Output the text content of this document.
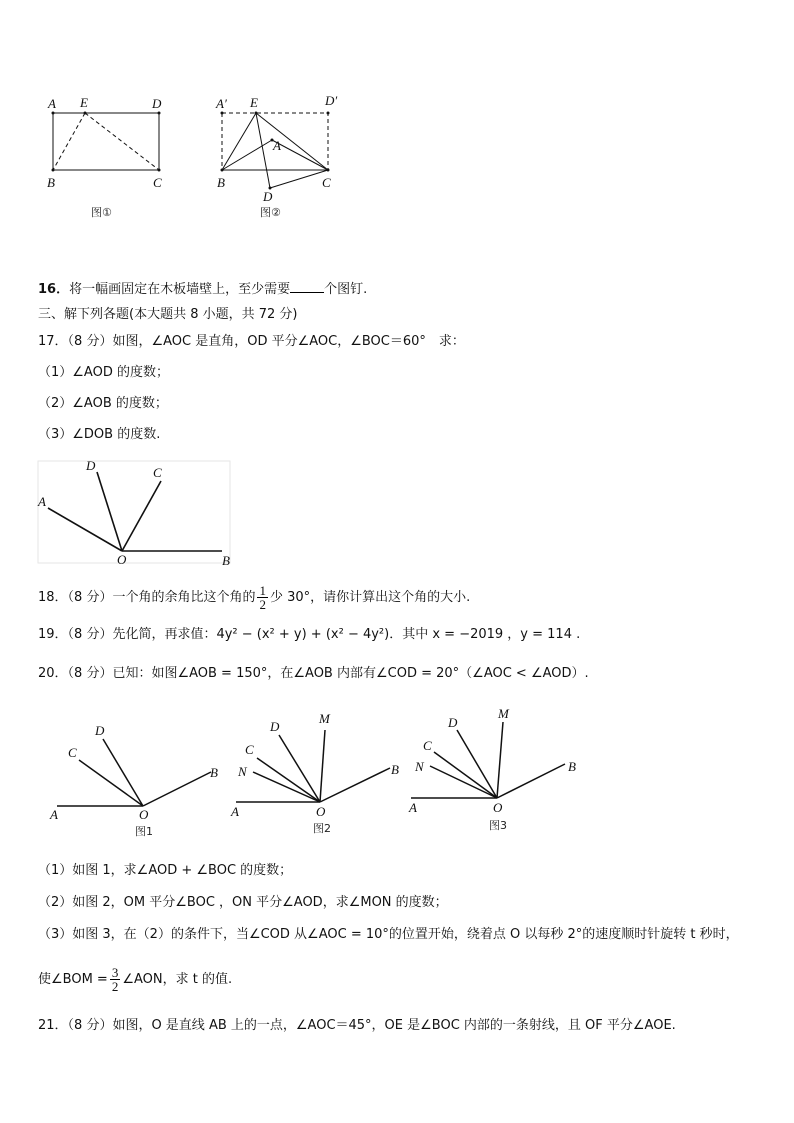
A E	D
B	C
图①
A′ E	D′
A
B	C
D
图②
16．将一幅画固定在木板墙壁上，至少需要	个图钉.
三、解下列各题(本大题共 8 小题，共 72 分)
17．（8 分）如图，∠AOC 是直角，OD 平分∠AOC，∠BOC＝60°　求：
（1）∠AOD 的度数；
（2）∠AOB 的度数；
（3）∠DOB 的度数.
A
D	C
O	B
18．（8 分）一个角的余角比这个角的 $\frac{1}{2}$ 少 30°，请你计算出这个角的大小.
19．（8 分）先化简，再求值：4y² − (x² + y) + (x² − 4y²)．其中 x = −2019 ，y = 114 .
20．（8 分）已知：如图∠AOB = 150°，在∠AOB 内部有∠COD = 20°（∠AOC < ∠AOD）.
D
C
B
A	O
图1
D
M
C
N	B
A	O
图2
D
M
C
N	B
A	O
图3
（1）如图 1，求∠AOD + ∠BOC 的度数；
（2）如图 2，OM 平分∠BOC ，ON 平分∠AOD，求∠MON 的度数；
（3）如图 3，在（2）的条件下，当∠COD 从∠AOC = 10°的位置开始，绕着点 O 以每秒 2°的速度顺时针旋转 t 秒时，
使∠BOM = $\frac{3}{2}$ ∠AON，求 t 的值.
21．（8 分）如图，O 是直线 AB 上的一点，∠AOC＝45°，OE 是∠BOC 内部的一条射线，且 OF 平分∠AOE.
